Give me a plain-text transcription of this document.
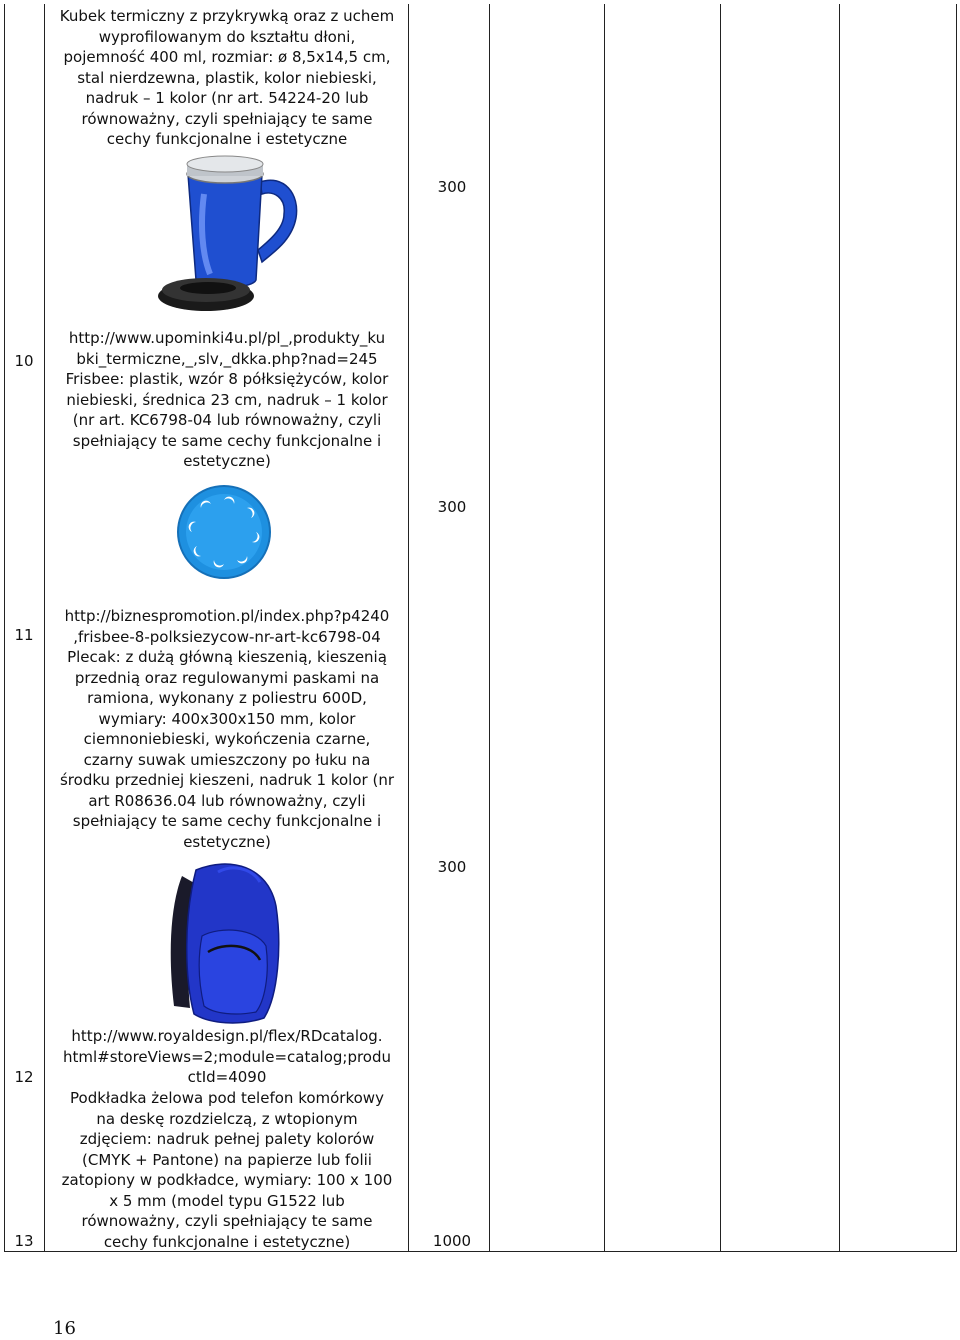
10
300
Kubek termiczny z przykrywką oraz z uchem
wyprofilowanym do kształtu dłoni,
pojemność 400 ml, rozmiar: ø 8,5x14,5 cm,
stal nierdzewna, plastik, kolor niebieski,
nadruk – 1 kolor (nr art. 54224-20 lub
równoważny, czyli spełniający te same
cechy funkcjonalne i estetyczne
http://www.upominki4u.pl/pl_,produkty_ku
bki_termiczne,_,slv,_dkka.php?nad=245
11
300
Frisbee: plastik, wzór 8 półksiężyców, kolor
niebieski, średnica 23 cm, nadruk – 1 kolor
(nr art. KC6798-04 lub równoważny, czyli
spełniający te same cechy funkcjonalne i
estetyczne)
http://biznespromotion.pl/index.php?p4240
,frisbee-8-polksiezycow-nr-art-kc6798-04
12
300
Plecak: z dużą główną kieszenią, kieszenią
przednią oraz regulowanymi paskami na
ramiona, wykonany z poliestru 600D,
wymiary: 400x300x150 mm, kolor
ciemnoniebieski, wykończenia czarne,
czarny suwak umieszczony po łuku na
środku przedniej kieszeni, nadruk 1 kolor (nr
art R08636.04 lub równoważny, czyli
spełniający te same cechy funkcjonalne i
estetyczne)
http://www.royaldesign.pl/flex/RDcatalog.
html#storeViews=2;module=catalog;produ
ctId=4090
13	1000
Podkładka żelowa pod telefon komórkowy
na deskę rozdzielczą, z wtopionym
zdjęciem: nadruk pełnej palety kolorów
(CMYK + Pantone) na papierze lub folii
zatopiony w podkładce, wymiary: 100 x 100
x 5 mm (model typu G1522 lub
równoważny, czyli spełniający te same
cechy funkcjonalne i estetyczne)
16
